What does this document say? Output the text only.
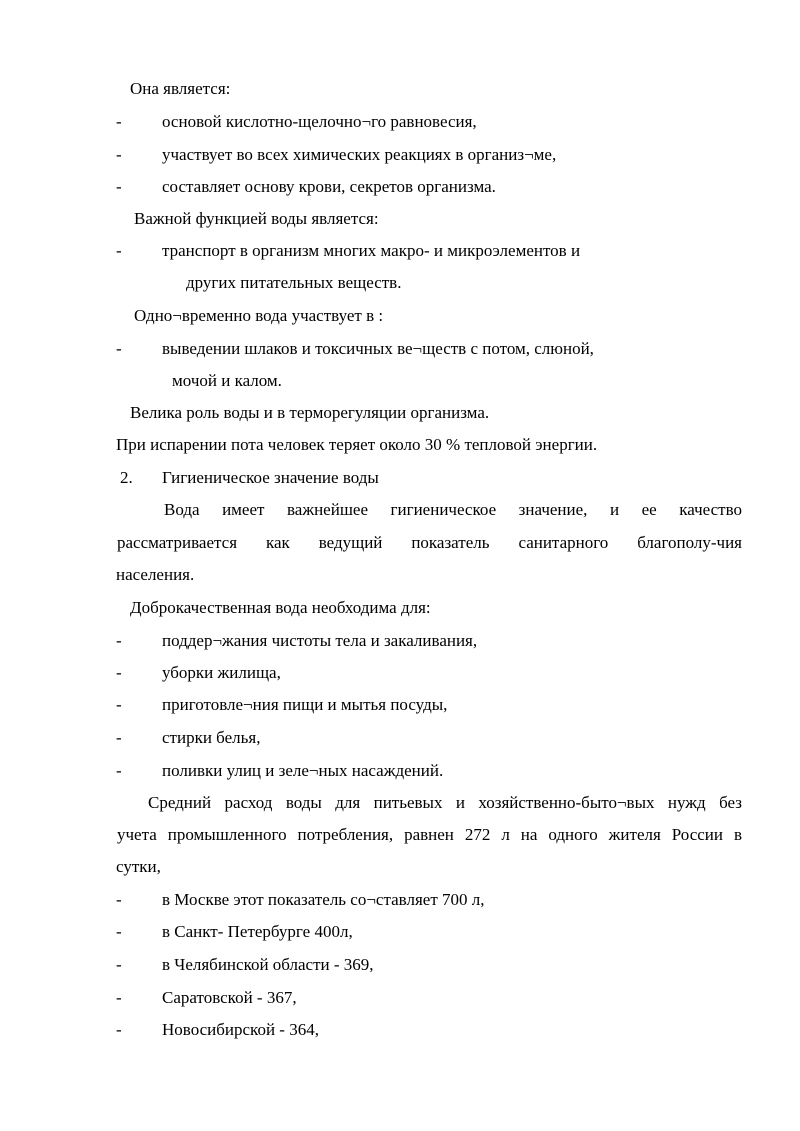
Она является:
- основой кислотно-щелочно¬го равновесия,
- участвует во всех химических реакциях в организ¬ме,
- составляет основу крови, секретов организма.
Важной функцией воды является:
- транспорт в организм многих макро- и микроэлементов и
других питательных веществ.
Одно¬временно вода участвует в :
- выведении шлаков и токсичных ве¬ществ с потом, слюной,
мочой и калом.
Велика роль воды и в терморегуляции организма.
При испарении пота человек теряет около 30 % тепловой энергии.
2. Гигиеническое значение воды
Вода имеет важнейшее гигиеническое значение, и ее качество
рассматривается как ведущий показатель санитарного благополу-чия
населения.
Доброкачественная вода необходима для:
- поддер¬жания чистоты тела и закаливания,
- уборки жилища,
- приготовле¬ния пищи и мытья посуды,
- стирки белья,
- поливки улиц и зеле¬ных насаждений.
Средний расход воды для питьевых и хозяйственно-быто¬вых нужд без
учета промышленного потребления, равнен 272 л на одного жителя России в
сутки,
- в Москве этот показатель со¬ставляет 700 л,
- в Санкт- Петербурге 400л,
- в Челябинской области - 369,
- Саратовской - 367,
- Новосибирской - 364,
